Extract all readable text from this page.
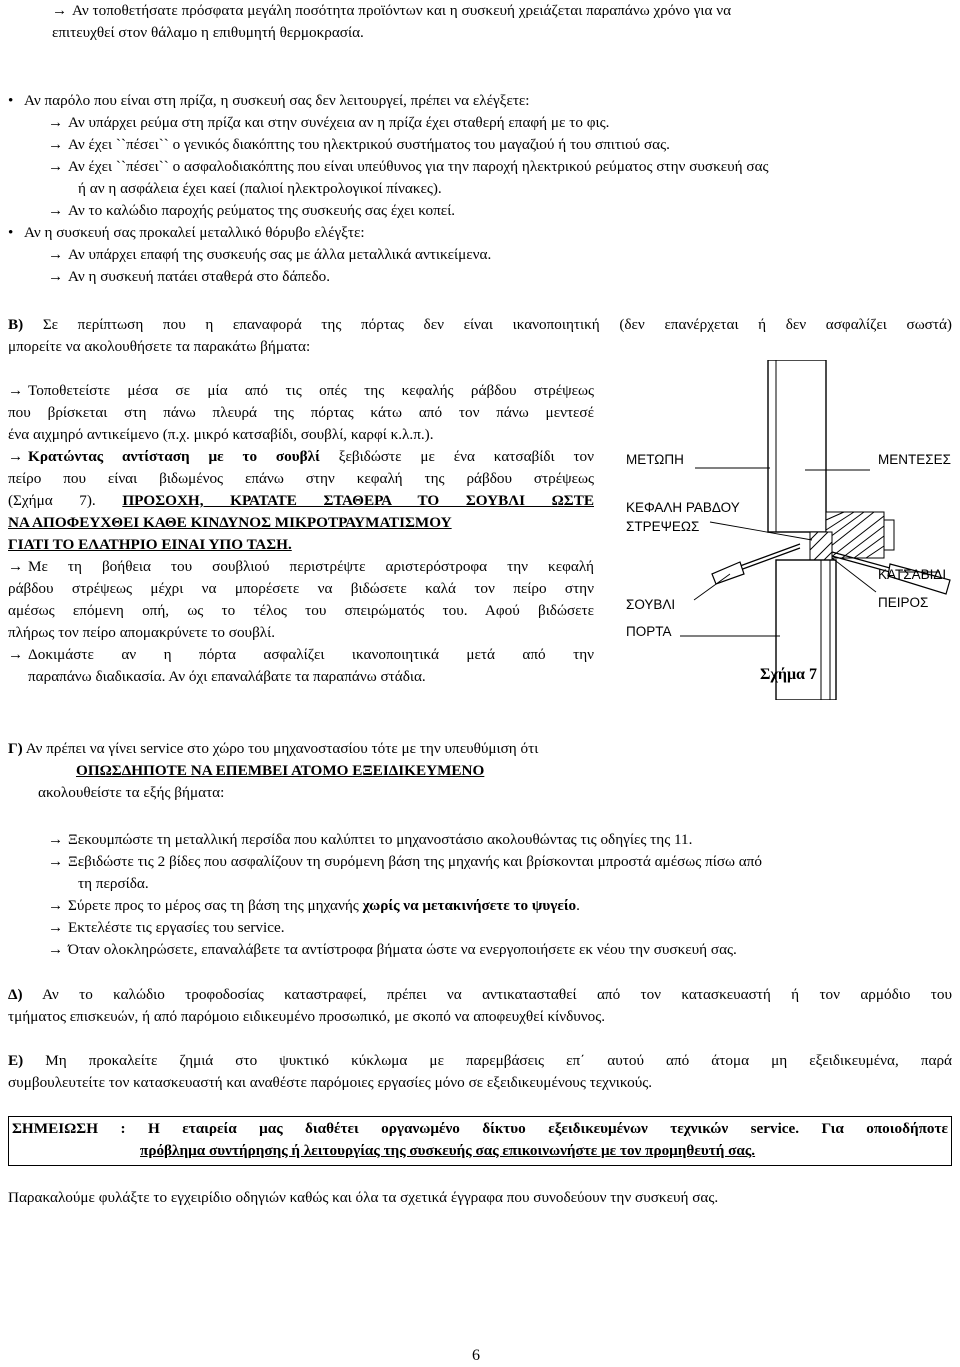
→ Αν τοποθετήσατε πρόσφατα μεγάλη ποσότητα προϊόντων και η συσκευή χρειάζεται παραπάνω χρόνο για να
επιτευχθεί στον θάλαμο η επιθυμητή θερμοκρασία.
• Αν παρόλο που είναι στη πρίζα, η συσκευή σας δεν λειτουργεί, πρέπει να ελέγξετε:
→ Αν υπάρχει ρεύμα στη πρίζα και στην συνέχεια αν η πρίζα έχει σταθερή επαφή με το φις.
→ Αν έχει ``πέσει`` ο γενικός διακόπτης του ηλεκτρικού συστήματος του μαγαζιού ή του σπιτιού σας.
→ Αν έχει ``πέσει`` ο ασφαλοδιακόπτης που είναι υπεύθυνος για την παροχή ηλεκτρικού ρεύματος στην συσκευή σας
ή αν η ασφάλεια έχει καεί (παλιοί ηλεκτρολογικοί πίνακες).
→ Αν το καλώδιο παροχής ρεύματος της συσκευής σας έχει κοπεί.
• Αν η συσκευή σας προκαλεί μεταλλικό θόρυβο ελέγξτε:
→ Αν υπάρχει επαφή της συσκευής σας με άλλα μεταλλικά αντικείμενα.
→ Αν η συσκευή πατάει σταθερά στο δάπεδο.
Β) Σε περίπτωση που η επαναφορά της πόρτας δεν είναι ικανοποιητική (δεν επανέρχεται ή δεν ασφαλίζει σωστά)
μπορείτε να ακολουθήσετε τα παρακάτω βήματα:
→ Τοποθετείστε μέσα σε μία από τις οπές της κεφαλής ράβδου στρέψεως
που βρίσκεται στη πάνω πλευρά της πόρτας κάτω από τον πάνω μεντεσέ
ένα αιχμηρό αντικείμενο (π.χ. μικρό κατσαβίδι, σουβλί, καρφί κ.λ.π.).
→ Κρατώντας αντίσταση με το σουβλί ξεβιδώστε με ένα κατσαβίδι τον
πείρο που είναι βιδωμένος επάνω στην κεφαλή της ράβδου στρέψεως
(Σχήμα 7). ΠΡΟΣΟΧΗ, ΚΡΑΤΑΤΕ ΣΤΑΘΕΡΑ ΤΟ ΣΟΥΒΛΙ ΩΣΤΕ
ΝΑ ΑΠΟΦΕΥΧΘΕΙ ΚΑΘΕ ΚΙΝΔΥΝΟΣ ΜΙΚΡΟΤΡΑΥΜΑΤΙΣΜΟΥ
ΓΙΑΤΙ ΤΟ ΕΛΑΤΗΡΙΟ ΕΙΝΑΙ ΥΠΟ ΤΑΣΗ.
→ Με τη βοήθεια του σουβλιού περιστρέψτε αριστερόστροφα την κεφαλή
ράβδου στρέψεως μέχρι να μπορέσετε να βιδώσετε καλά τον πείρο στην
αμέσως επόμενη οπή, ως το τέλος του σπειρώματός του. Αφού βιδώσετε
πλήρως τον πείρο απομακρύνετε το σουβλί.
→ Δοκιμάστε αν η πόρτα ασφαλίζει ικανοποιητικά μετά από την
παραπάνω διαδικασία. Αν όχι επαναλάβατε τα παραπάνω στάδια.
ΜΕΤΩΠΗ	ΜΕΝΤΕΣΕΣ
ΚΕΦΑΛΗ ΡΑΒΔΟΥ
ΣΤΡΕΨΕΩΣ
ΚΑΤΣΑΒΙΔΙ
ΣΟΥΒΛΙ	ΠΕΙΡΟΣ
ΠΟΡΤΑ
Σχήμα 7
Γ) Αν πρέπει να γίνει service στο χώρο του μηχανοστασίου τότε με την υπευθύμιση ότι
ΟΠΩΣΔΗΠΟΤΕ ΝΑ ΕΠΕΜΒΕΙ ΑΤΟΜΟ ΕΞΕΙΔΙΚΕΥΜΕΝΟ
ακολουθείστε τα εξής βήματα:
→ Ξεκουμπώστε τη μεταλλική περσίδα που καλύπτει το μηχανοστάσιο ακολουθώντας τις οδηγίες της 11.
→ Ξεβιδώστε τις 2 βίδες που ασφαλίζουν τη συρόμενη βάση της μηχανής και βρίσκονται μπροστά αμέσως πίσω από
τη περσίδα.
→ Σύρετε προς το μέρος σας τη βάση της μηχανής χωρίς να μετακινήσετε το ψυγείο.
→ Εκτελέστε τις εργασίες του service.
→ Όταν ολοκληρώσετε, επαναλάβετε τα αντίστροφα βήματα ώστε να ενεργοποιήσετε εκ νέου την συσκευή σας.
Δ) Αν το καλώδιο τροφοδοσίας καταστραφεί, πρέπει να αντικατασταθεί από τον κατασκευαστή ή τον αρμόδιο του
τμήματος επισκευών, ή από παρόμοιο ειδικευμένο προσωπικό, με σκοπό να αποφευχθεί κίνδυνος.
Ε) Μη προκαλείτε ζημιά στο ψυκτικό κύκλωμα με παρεμβάσεις επ΄ αυτού από άτομα μη εξειδικευμένα, παρά
συμβουλευτείτε τον κατασκευαστή και αναθέστε παρόμοιες εργασίες μόνο σε εξειδικευμένους τεχνικούς.
ΣΗΜΕΙΩΣΗ : Η εταιρεία μας διαθέτει οργανωμένο δίκτυο εξειδικευμένων τεχνικών service. Για οποιοδήποτε
πρόβλημα συντήρησης ή λειτουργίας της συσκευής σας επικοινωνήστε με τον προμηθευτή σας.
Παρακαλούμε φυλάξτε το εγχειρίδιο οδηγιών καθώς και όλα τα σχετικά έγγραφα που συνοδεύουν την συσκευή σας.
6
